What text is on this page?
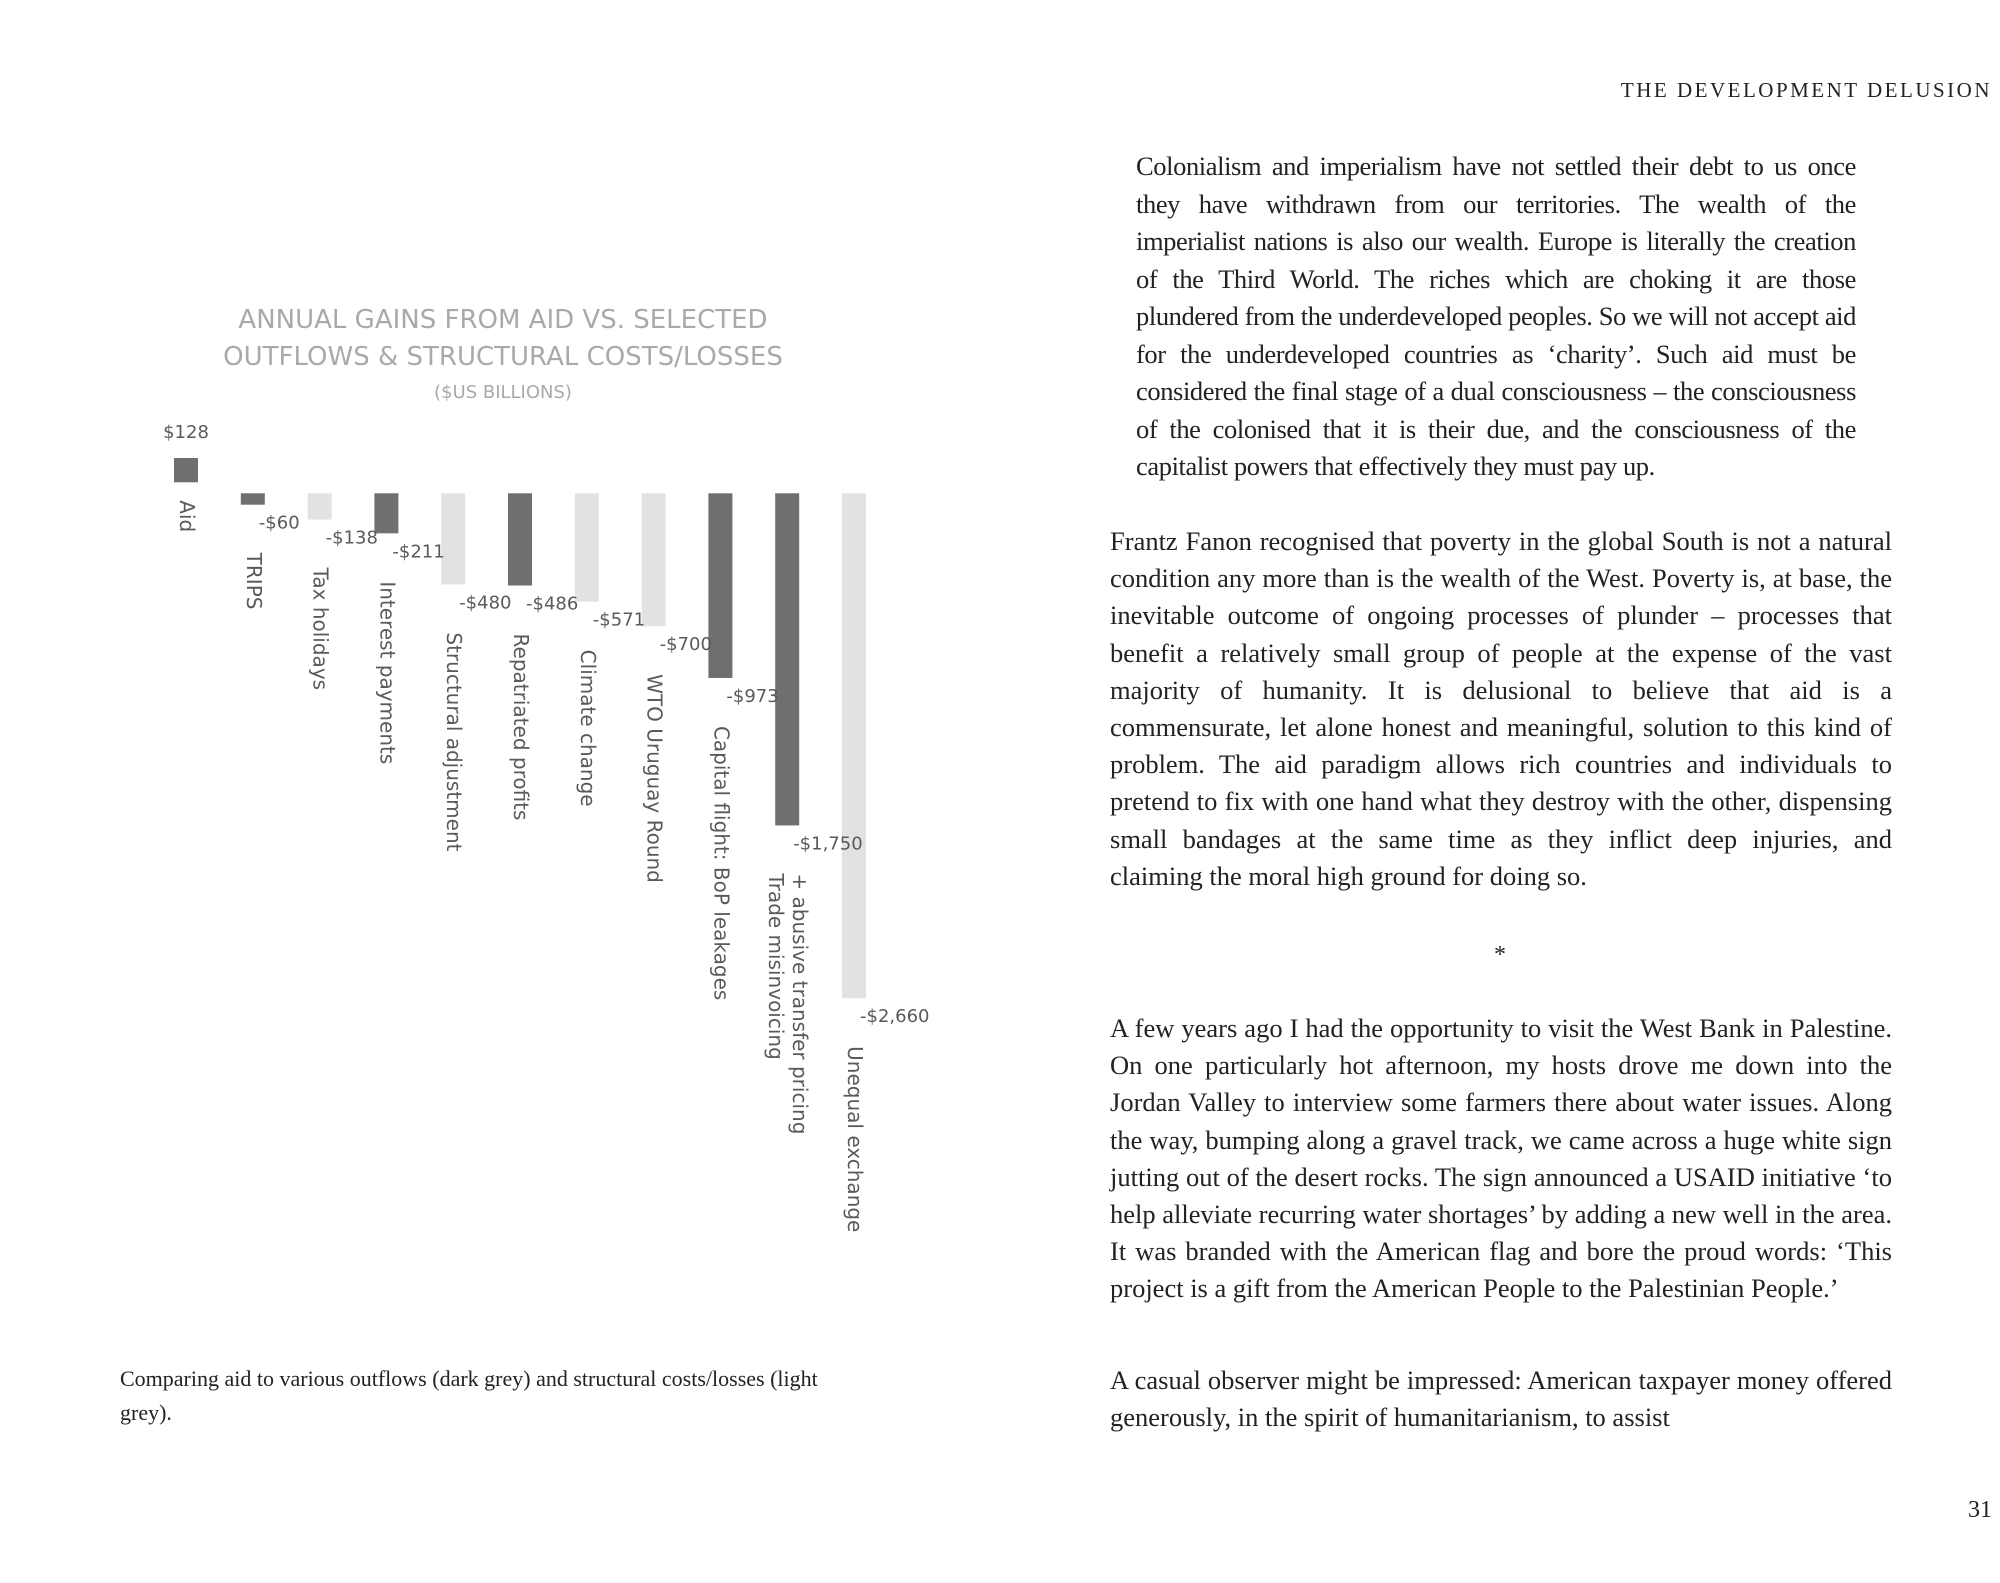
ANNUAL GAINS FROM AID VS. SELECTED
OUTFLOWS & STRUCTURAL COSTS/LOSSES
($US BILLIONS)
$128
-$60
-$138
-$211
-$480 -$486
-$571
-$700
-$973
-$1,750
-$2,660
Aid
TRIPS Tax holidays Interest payments Structural adjustment Repatriated profits Climate change WTO Uruguay Round Capital flight: BoP leakages Trade misinvoicing + abusive transfer pricing
Unequal exchange
Comparing aid to various outflows (dark grey) and structural costs/losses (light grey).
THE DEVELOPMENT DELUSION
Colonialism and imperialism have not settled their debt to us once they have withdrawn from our territories. The wealth of the imperialist nations is also our wealth. Europe is literally the creation of the Third World. The riches which are choking it are those plundered from the underdeveloped peoples. So we will not accept aid for the underdeveloped countries as ‘charity’. Such aid must be considered the final stage of a dual consciousness – the consciousness of the colonised that it is their due, and the consciousness of the capitalist powers that effectively they must pay up.
Frantz Fanon recognised that poverty in the global South is not a natural condition any more than is the wealth of the West. Poverty is, at base, the inevitable outcome of ongoing processes of plunder – processes that benefit a relatively small group of people at the expense of the vast majority of humanity. It is delusional to believe that aid is a commensurate, let alone honest and meaningful, solution to this kind of problem. The aid paradigm allows rich countries and individuals to pretend to fix with one hand what they destroy with the other, dispensing small bandages at the same time as they inflict deep injuries, and claiming the moral high ground for doing so.
*
A few years ago I had the opportunity to visit the West Bank in Palestine. On one particularly hot afternoon, my hosts drove me down into the Jordan Valley to interview some farmers there about water issues. Along the way, bumping along a gravel track, we came across a huge white sign jutting out of the desert rocks. The sign announced a USAID initiative ‘to help alleviate recurring water shortages’ by adding a new well in the area. It was branded with the American flag and bore the proud words: ‘This project is a gift from the American People to the Palestinian People.’
A casual observer might be impressed: American taxpayer money offered generously, in the spirit of humanitarianism, to assist
31
